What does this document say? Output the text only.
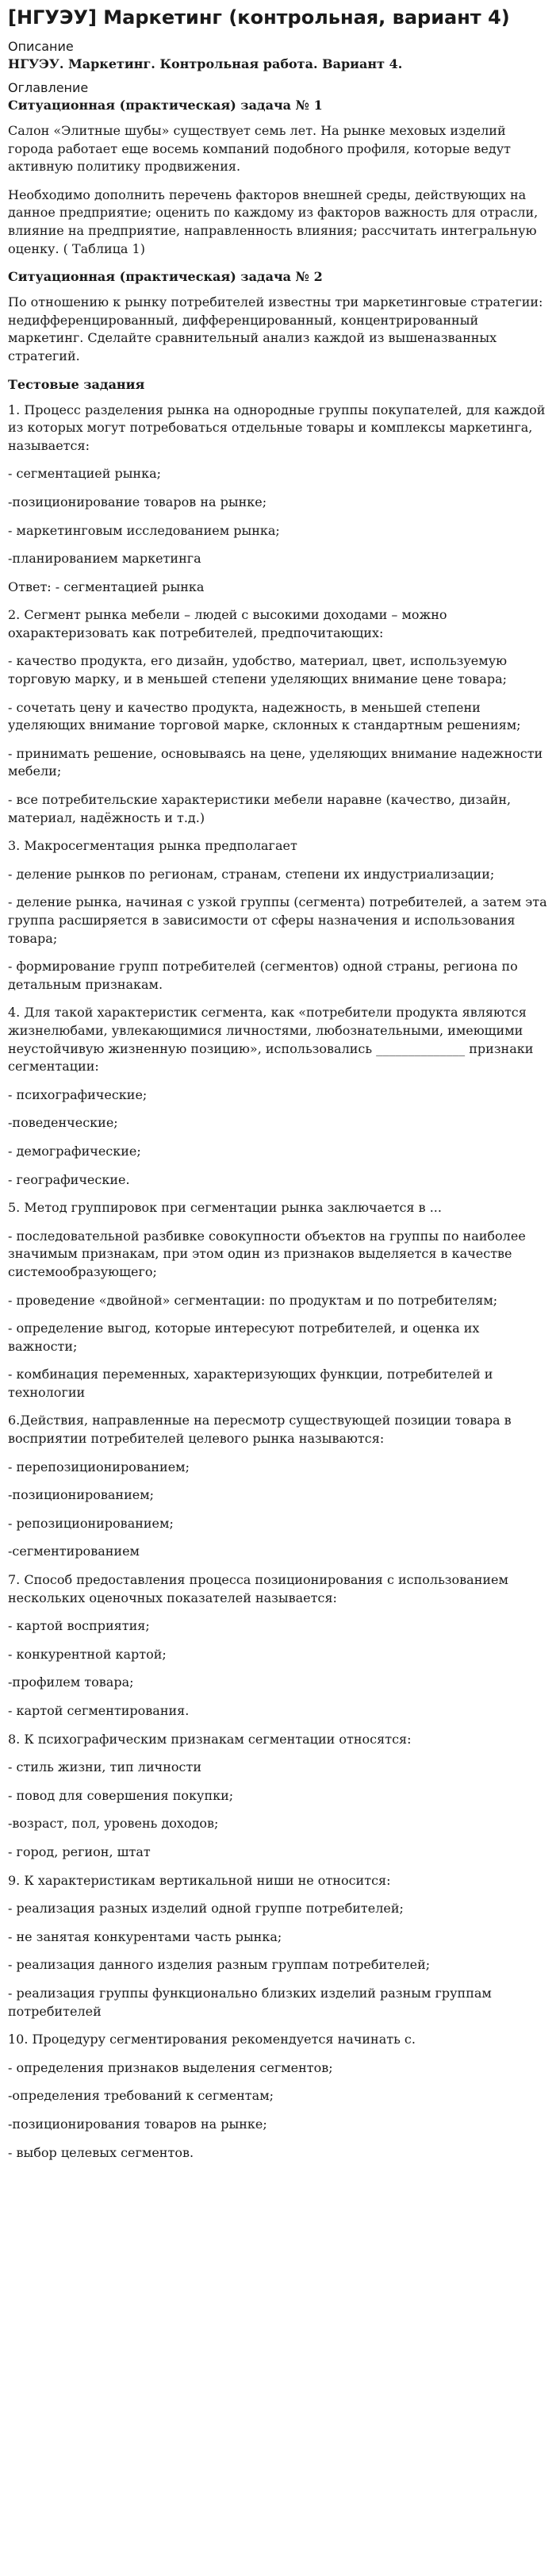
[НГУЭУ] Маркетинг (контрольная, вариант 4)
Описание
НГУЭУ. Маркетинг. Контрольная работа. Вариант 4.
Оглавление
Ситуационная (практическая) задача № 1

Салон «Элитные шубы» существует семь лет. На рынке меховых изделий города работает еще восемь компаний подобного профиля, которые ведут активную политику продвижения.

Необходимо дополнить перечень факторов внешней среды, действующих на данное предприятие; оценить по каждому из факторов важность для отрасли, влияние на предприятие, направленность влияния; рассчитать интегральную оценку. ( Таблица 1)

Ситуационная (практическая) задача № 2

По отношению к рынку потребителей известны три маркетинговые стратегии: недифференцированный, дифференцированный, концентрированный маркетинг. Сделайте сравнительный анализ каждой из вышеназванных стратегий.

Тестовые задания
1. Процесс разделения рынка на однородные группы покупателей, для каждой из которых могут потребоваться отдельные товары и комплексы маркетинга, называется:
- сегментацией рынка;
-позиционирование товаров на рынке;
- маркетинговым исследованием рынка;
-планированием маркетинга
Ответ: - сегментацией рынка
2. Сегмент рынка мебели – людей с высокими доходами – можно охарактеризовать как потребителей, предпочитающих:
- качество продукта, его дизайн, удобство, материал, цвет, используемую торговую марку, и в меньшей степени уделяющих внимание цене товара;
- сочетать цену и качество продукта, надежность, в меньшей степени уделяющих внимание торговой марке, склонных к стандартным решениям;
- принимать решение, основываясь на цене, уделяющих внимание надежности мебели;
- все потребительские характеристики мебели наравне (качество, дизайн, материал, надёжность и т.д.)
3. Макросегментация рынка предполагает
- деление рынков по регионам, странам, степени их индустриализации;
- деление рынка, начиная с узкой группы (сегмента) потребителей, а затем эта группа расширяется в зависимости от сферы назначения и использования товара;
- формирование групп потребителей (сегментов) одной страны, региона по детальным признакам.
4. Для такой характеристик сегмента, как «потребители продукта являются жизнелюбами, увлекающимися личностями, любознательными, имеющими неустойчивую жизненную позицию», использовались ______________ признаки сегментации:
- психографические;
-поведенческие;
- демографические;
- географические.
5. Метод группировок при сегментации рынка заключается в ...
- последовательной разбивке совокупности объектов на группы по наиболее значимым признакам, при этом один из признаков выделяется в качестве системообразующего;
- проведение «двойной» сегментации: по продуктам и по потребителям;
- определение выгод, которые интересуют потребителей, и оценка их важности;
- комбинация переменных, характеризующих функции, потребителей и технологии
6.Действия, направленные на пересмотр существующей позиции товара в восприятии потребителей целевого рынка называются:
- перепозиционированием;
-позиционированием;
- репозиционированием;
-сегментированием
7. Способ предоставления процесса позиционирования с использованием нескольких оценочных показателей называется:
- картой восприятия;
- конкурентной картой;
-профилем товара;
- картой сегментирования.
8. К психографическим признакам сегментации относятся:
- стиль жизни, тип личности
- повод для совершения покупки;
-возраст, пол, уровень доходов;
- город, регион, штат
9. К характеристикам вертикальной ниши не относится:
- реализация разных изделий одной группе потребителей;
- не занятая конкурентами часть рынка;
- реализация данного изделия разным группам потребителей;
- реализация группы функционально близких изделий разным группам потребителей
10. Процедуру сегментирования рекомендуется начинать с.
- определения признаков выделения сегментов;
-определения требований к сегментам;
-позиционирования товаров на рынке;
- выбор целевых сегментов.
